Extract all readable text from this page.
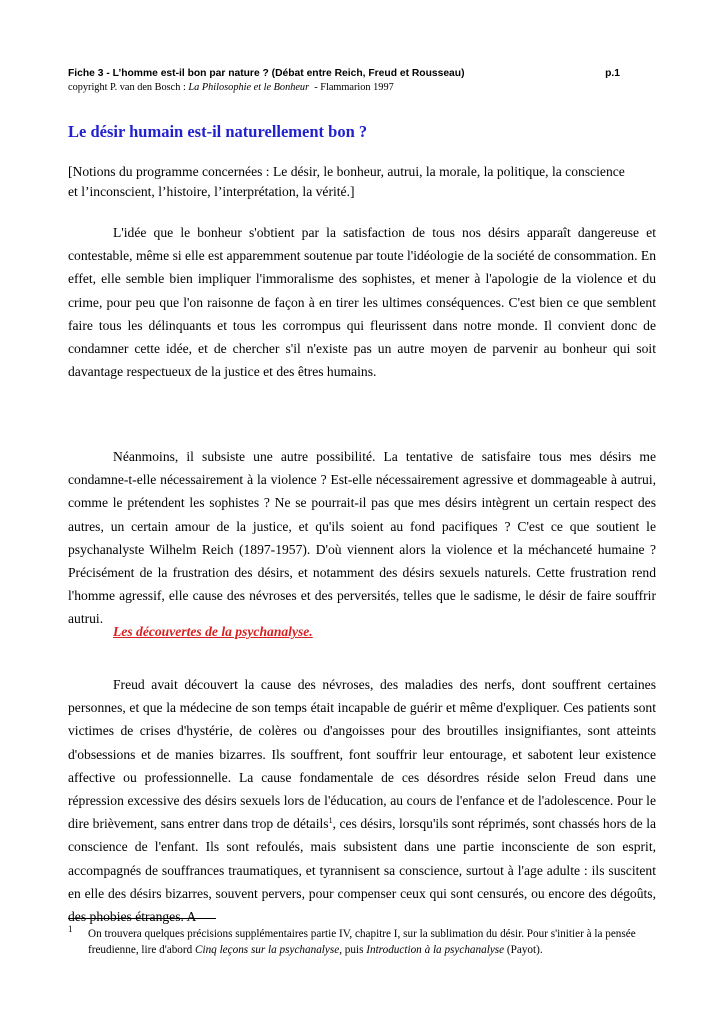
Fiche 3 - L’homme est-il bon par nature ? (Débat entre Reich, Freud et Rousseau)	p.1
copyright P. van den Bosch : La Philosophie et le Bonheur  - Flammarion 1997
Le désir humain est-il naturellement bon ?
[Notions du programme concernées : Le désir, le bonheur, autrui, la morale, la politique, la conscience et l’inconscient, l’histoire, l’interprétation, la vérité.]

L'idée que le bonheur s'obtient par la satisfaction de tous nos désirs apparaît dangereuse et contestable, même si elle est apparemment soutenue par toute l'idéologie de la société de consommation. En effet, elle semble bien impliquer l'immoralisme des sophistes, et mener à l'apologie de la violence et du crime, pour peu que l'on raisonne de façon à en tirer les ultimes conséquences. C'est bien ce que semblent faire tous les délinquants et tous les corrompus qui fleurissent dans notre monde. Il convient donc de condamner cette idée, et de chercher s'il n'existe pas un autre moyen de parvenir au bonheur qui soit davantage respectueux de la justice et des êtres humains.

Néanmoins, il subsiste une autre possibilité. La tentative de satisfaire tous mes désirs me condamne-t-elle nécessairement à la violence ? Est-elle nécessairement agressive et dommageable à autrui, comme le prétendent les sophistes ? Ne se pourrait-il pas que mes désirs intègrent un certain respect des autres, un certain amour de la justice, et qu'ils soient au fond pacifiques ? C'est ce que soutient le psychanalyste Wilhelm Reich (1897-1957). D'où viennent alors la violence et la méchanceté humaine ? Précisément de la frustration des désirs, et notamment des désirs sexuels naturels. Cette frustration rend l'homme agressif, elle cause des névroses et des perversités, telles que le sadisme, le désir de faire souffrir autrui.

Les découvertes de la psychanalyse.

Freud avait découvert la cause des névroses, des maladies des nerfs, dont souffrent certaines personnes, et que la médecine de son temps était incapable de guérir et même d'expliquer. Ces patients sont victimes de crises d'hystérie, de colères ou d'angoisses pour des broutilles insignifiantes, sont atteints d'obsessions et de manies bizarres. Ils souffrent, font souffrir leur entourage, et sabotent leur existence affective ou professionnelle. La cause fondamentale de ces désordres réside selon Freud dans une répression excessive des désirs sexuels lors de l'éducation, au cours de l'enfance et de l'adolescence. Pour le dire brièvement, sans entrer dans trop de détails$^1$, ces désirs, lorsqu'ils sont réprimés, sont chassés hors de la conscience de l'enfant. Ils sont refoulés, mais subsistent dans une partie inconsciente de son esprit, accompagnés de souffrances traumatiques, et tyrannisent sa conscience, surtout à l'age adulte : ils suscitent en elle des désirs bizarres, souvent pervers, pour compenser ceux qui sont censurés, ou encore des dégoûts, des phobies étranges. A

1 On trouvera quelques précisions supplémentaires partie IV, chapitre I, sur la sublimation du désir. Pour s'initier à la pensée freudienne, lire d'abord Cinq leçons sur la psychanalyse, puis Introduction à la psychanalyse (Payot).
